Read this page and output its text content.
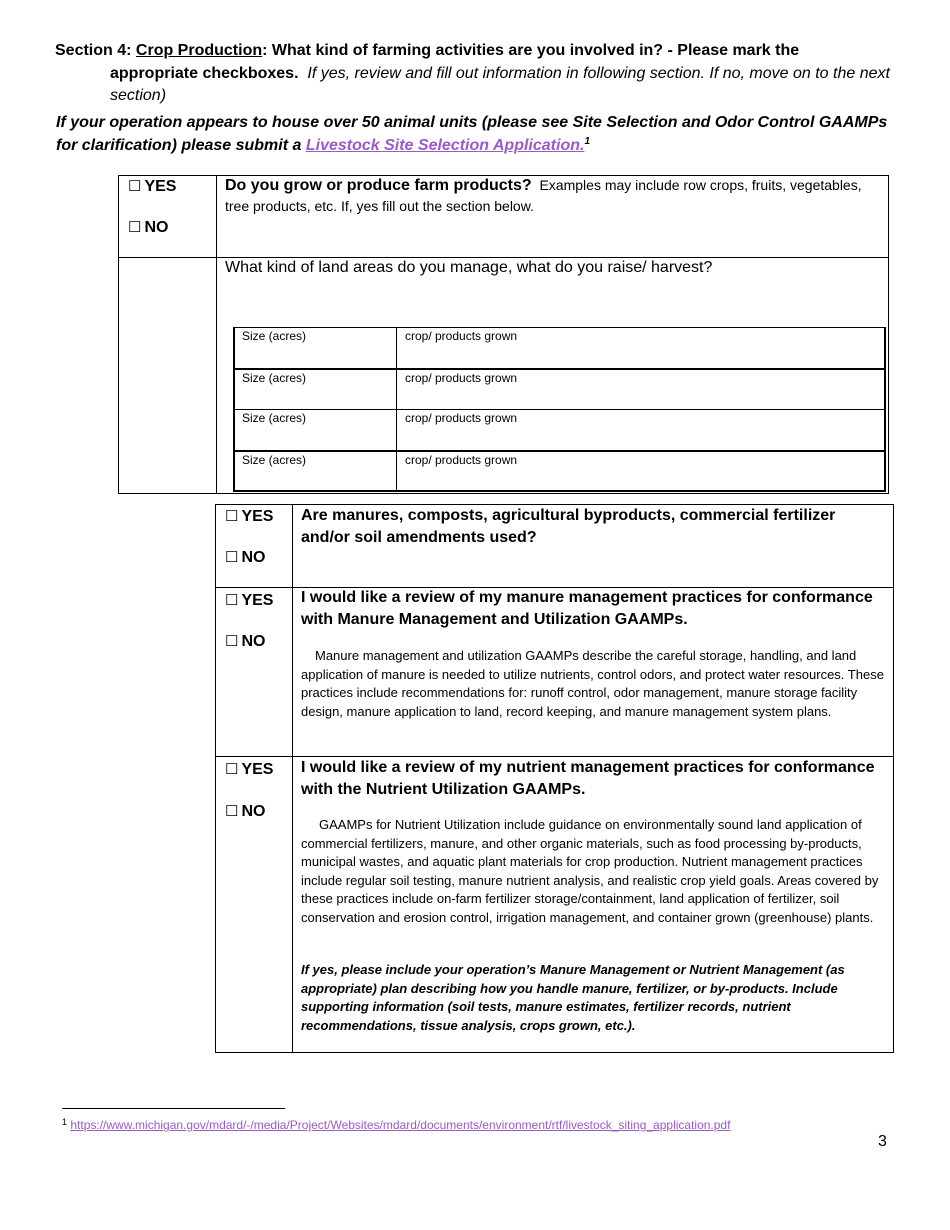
Section 4: Crop Production: What kind of farming activities are you involved in? - Please mark the
appropriate checkboxes. If yes, review and fill out information in following section. If no, move on to the next section)
If your operation appears to house over 50 animal units (please see Site Selection and Odor Control GAAMPs for clarification) please submit a Livestock Site Selection Application.$^1$
☐ YES
☐ NO
Do you grow or produce farm products? Examples may include row crops, fruits, vegetables, tree products, etc. If, yes fill out the section below.
What kind of land areas do you manage, what do you raise/ harvest?
Size (acres)	crop/ products grown
Size (acres)	crop/ products grown
Size (acres)	crop/ products grown
Size (acres)	crop/ products grown
☐ YES
☐ NO
Are manures, composts, agricultural byproducts, commercial fertilizer and/or soil amendments used?
☐ YES
☐ NO
I would like a review of my manure management practices for conformance with Manure Management and Utilization GAAMPs.
Manure management and utilization GAAMPs describe the careful storage, handling, and land application of manure is needed to utilize nutrients, control odors, and protect water resources. These practices include recommendations for: runoff control, odor management, manure storage facility design, manure application to land, record keeping, and manure management system plans.
☐ YES
☐ NO
I would like a review of my nutrient management practices for conformance with the Nutrient Utilization GAAMPs.
GAAMPs for Nutrient Utilization include guidance on environmentally sound land application of commercial fertilizers, manure, and other organic materials, such as food processing by-products, municipal wastes, and aquatic plant materials for crop production. Nutrient management practices include regular soil testing, manure nutrient analysis, and realistic crop yield goals. Areas covered by these practices include on-farm fertilizer storage/containment, land application of fertilizer, soil conservation and erosion control, irrigation management, and container grown (greenhouse) plants.
If yes, please include your operation’s Manure Management or Nutrient Management (as appropriate) plan describing how you handle manure, fertilizer, or by-products. Include supporting information (soil tests, manure estimates, fertilizer records, nutrient recommendations, tissue analysis, crops grown, etc.).
$^1$ https://www.michigan.gov/mdard/-/media/Project/Websites/mdard/documents/environment/rtf/livestock_siting_application.pdf
3
